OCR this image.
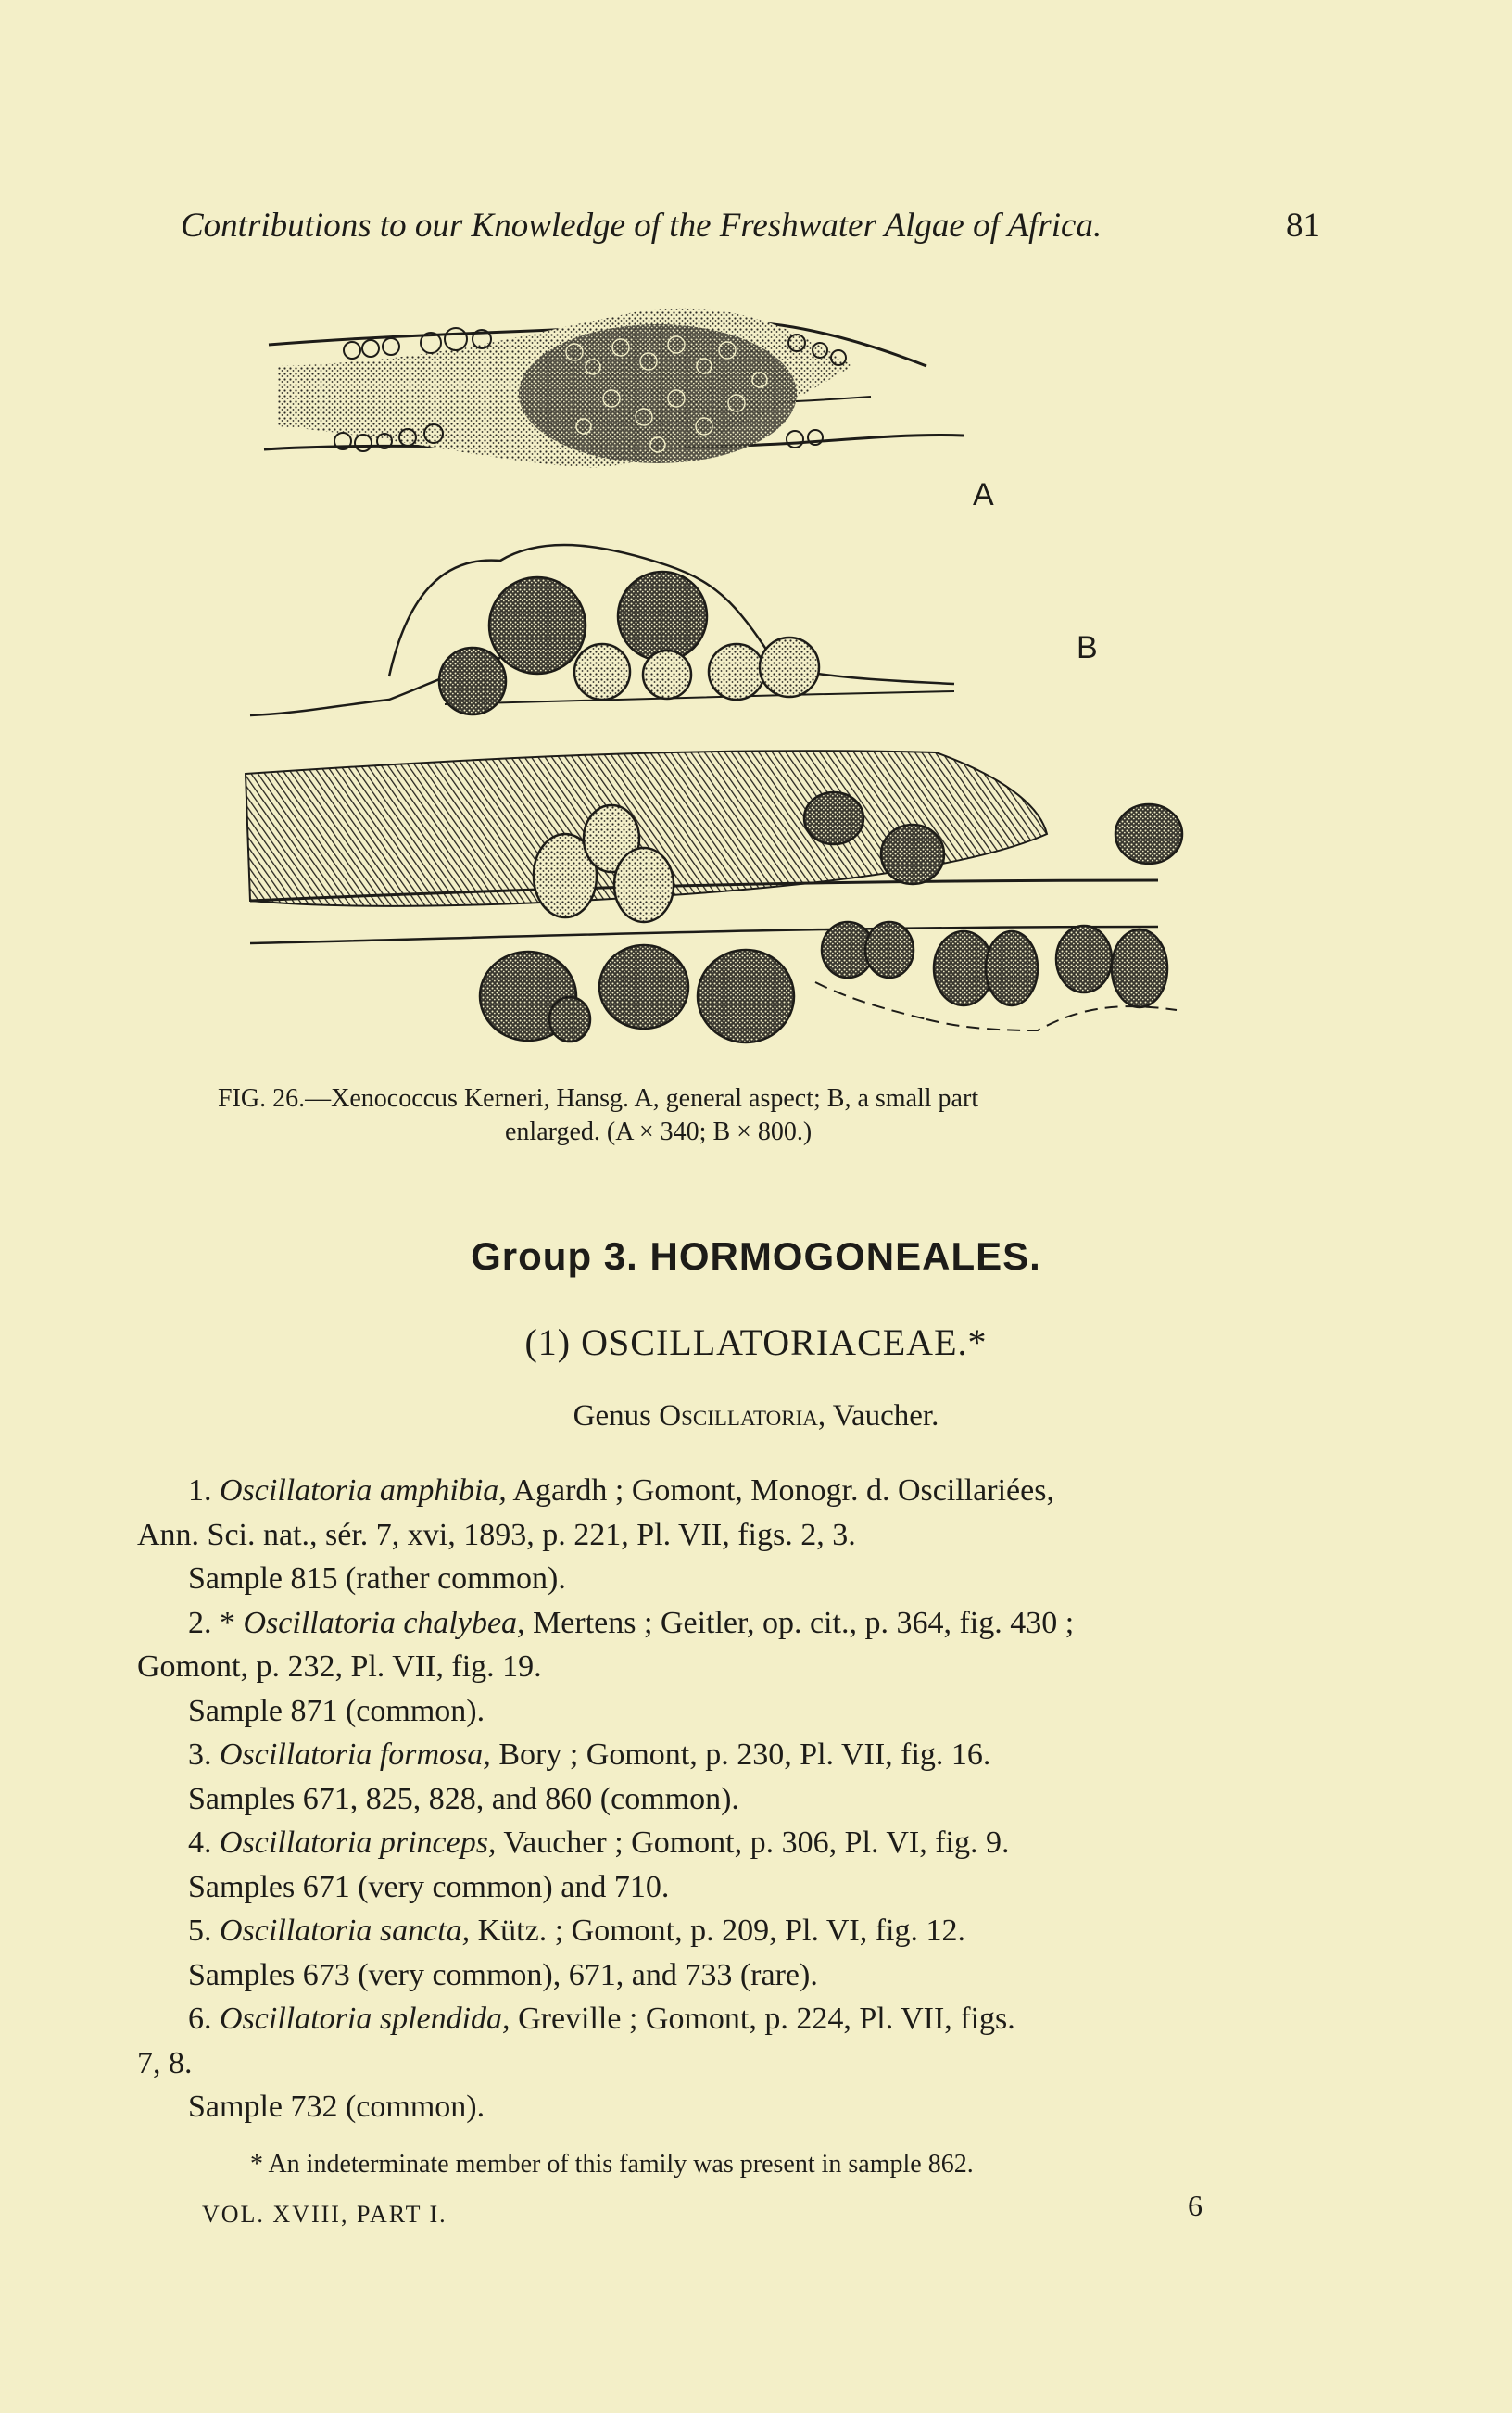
Contributions to our Knowledge of the Freshwater Algae of Africa.	81
A
B
FIG. 26.—Xenococcus Kerneri, Hansg. A, general aspect; B, a small part
enlarged. (A × 340; B × 800.)
Group 3. HORMOGONEALES.
(1) OSCILLATORIACEAE.*
Genus Oscillatoria, Vaucher.

1. Oscillatoria amphibia, Agardh ; Gomont, Monogr. d. Oscillariées,

Ann. Sci. nat., sér. 7, xvi, 1893, p. 221, Pl. VII, figs. 2, 3.

Sample 815 (rather common).

2. * Oscillatoria chalybea, Mertens ; Geitler, op. cit., p. 364, fig. 430 ;

Gomont, p. 232, Pl. VII, fig. 19.

Sample 871 (common).

3. Oscillatoria formosa, Bory ; Gomont, p. 230, Pl. VII, fig. 16.

Samples 671, 825, 828, and 860 (common).

4. Oscillatoria princeps, Vaucher ; Gomont, p. 306, Pl. VI, fig. 9.

Samples 671 (very common) and 710.

5. Oscillatoria sancta, Kütz. ; Gomont, p. 209, Pl. VI, fig. 12.

Samples 673 (very common), 671, and 733 (rare).

6. Oscillatoria splendida, Greville ; Gomont, p. 224, Pl. VII, figs.

7, 8.

Sample 732 (common).

* An indeterminate member of this family was present in sample 862.
VOL. XVIII, PART I.	6
